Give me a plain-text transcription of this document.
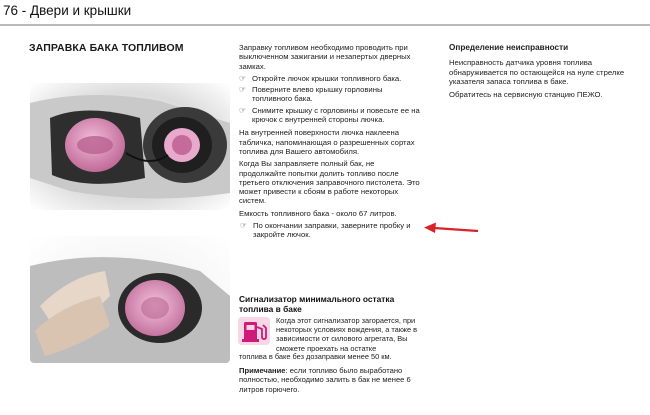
76 - Двери и крышки
ЗАПРАВКА БАКА ТОПЛИВОМ	Заправку топливом необходимо проводить при выключенном зажигании и незапертых дверных замках.

☞ Откройте лючок крышки топливного бака.
☞ Поверните влево крышку горловины топливного бака.
☞ Снимите крышку с горловины и повесьте ее на крючок с внутренней стороны лючка.

На внутренней поверхности лючка наклеена табличка, напоминающая о разрешенных сортах топлива для Вашего автомобиля.

Когда Вы заправляете полный бак, не продолжайте попытки долить топливо после третьего отключения заправочного пистолета. Это может привести к сбоям в работе некоторых систем.

Емкость топливного бака - около 67 литров.

☞ По окончании заправки, заверните пробку и закройте лючок.
Определение неисправности

Неисправность датчика уровня топлива обнаруживается по остающейся на нуле стрелке указателя запаса топлива в баке.

Обратитесь на сервисную станцию ПЕЖО.

Сигнализатор минимального остатка топлива в баке
Когда этот сигнализатор загорается, при некоторых условиях вождения, а также в зависимости от силового агрегата, Вы сможете проехать на остатке
топлива в баке без дозаправки менее 50 км.
Примечание: если топливо было выработано полностью, необходимо залить в бак не менее 6 литров горючего.
